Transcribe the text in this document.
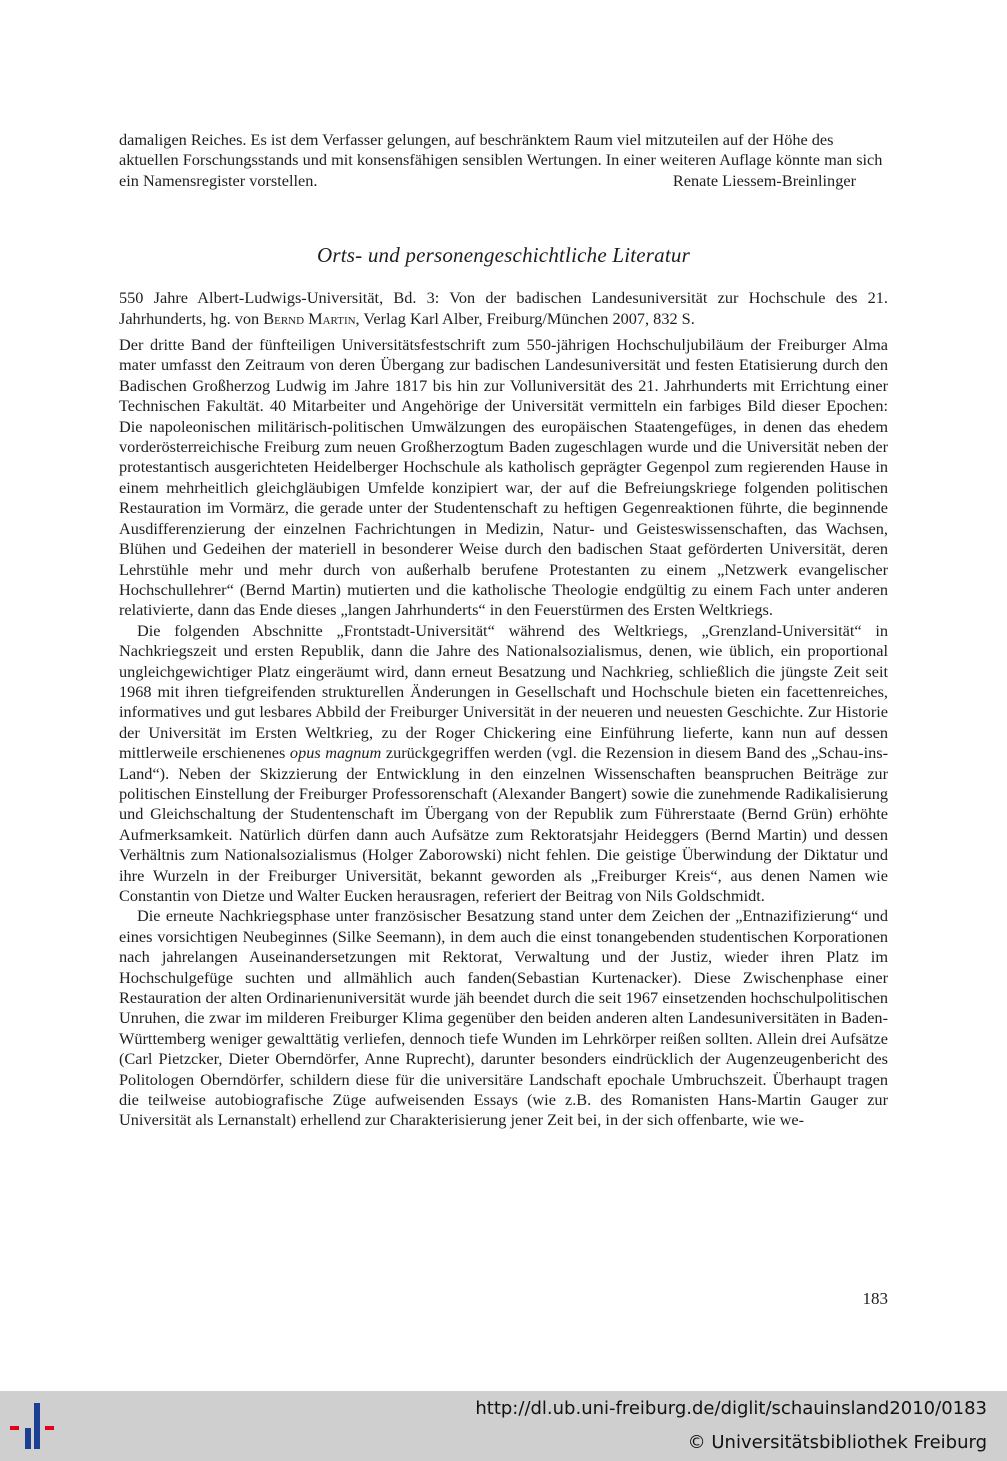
damaligen Reiches. Es ist dem Verfasser gelungen, auf beschränktem Raum viel mitzuteilen auf der Höhe des aktuellen Forschungsstands und mit konsensfähigen sensiblen Wertungen. In einer weiteren Auflage könnte man sich ein Namensregister vorstellen.	Renate Liessem-Breinlinger

Orts- und personengeschichtliche Literatur

550 Jahre Albert-Ludwigs-Universität, Bd. 3: Von der badischen Landesuniversität zur Hochschule des 21. Jahrhunderts, hg. von Bernd Martin, Verlag Karl Alber, Freiburg/München 2007, 832 S.

Der dritte Band der fünfteiligen Universitätsfestschrift zum 550-jährigen Hochschuljubiläum der Freiburger Alma mater umfasst den Zeitraum von deren Übergang zur badischen Landesuniversität und festen Etatisierung durch den Badischen Großherzog Ludwig im Jahre 1817 bis hin zur Volluniversität des 21. Jahrhunderts mit Errichtung einer Technischen Fakultät. 40 Mitarbeiter und Angehörige der Universität vermitteln ein farbiges Bild dieser Epochen: Die napoleonischen militärisch-politischen Umwälzungen des europäischen Staatengefüges, in denen das ehedem vorderösterreichische Freiburg zum neuen Großherzogtum Baden zugeschlagen wurde und die Universität neben der protestantisch ausgerichteten Heidelberger Hochschule als katholisch geprägter Gegenpol zum regierenden Hause in einem mehrheitlich gleichgläubigen Umfelde konzipiert war, der auf die Befreiungskriege folgenden politischen Restauration im Vormärz, die gerade unter der Studentenschaft zu heftigen Gegenreaktionen führte, die beginnende Ausdifferenzierung der einzelnen Fachrichtungen in Medizin, Natur- und Geisteswissenschaften, das Wachsen, Blühen und Gedeihen der materiell in besonderer Weise durch den badischen Staat geförderten Universität, deren Lehrstühle mehr und mehr durch von außerhalb berufene Protestanten zu einem „Netzwerk evangelischer Hochschullehrer“ (Bernd Martin) mutierten und die katholische Theologie endgültig zu einem Fach unter anderen relativierte, dann das Ende dieses „langen Jahrhunderts“ in den Feuerstürmen des Ersten Weltkriegs.

Die folgenden Abschnitte „Frontstadt-Universität“ während des Weltkriegs, „Grenzland-Universität“ in Nachkriegszeit und ersten Republik, dann die Jahre des Nationalsozialismus, denen, wie üblich, ein proportional ungleichgewichtiger Platz eingeräumt wird, dann erneut Besatzung und Nachkrieg, schließlich die jüngste Zeit seit 1968 mit ihren tiefgreifenden strukturellen Änderungen in Gesellschaft und Hochschule bieten ein facettenreiches, informatives und gut lesbares Abbild der Freiburger Universität in der neueren und neuesten Geschichte. Zur Historie der Universität im Ersten Weltkrieg, zu der Roger Chickering eine Einführung lieferte, kann nun auf dessen mittlerweile erschienenes opus magnum zurückgegriffen werden (vgl. die Rezension in diesem Band des „Schau-ins-Land“). Neben der Skizzierung der Entwicklung in den einzelnen Wissenschaften beanspruchen Beiträge zur politischen Einstellung der Freiburger Professorenschaft (Alexander Bangert) sowie die zunehmende Radikalisierung und Gleichschaltung der Studentenschaft im Übergang von der Republik zum Führerstaate (Bernd Grün) erhöhte Aufmerksamkeit. Natürlich dürfen dann auch Aufsätze zum Rektoratsjahr Heideggers (Bernd Martin) und dessen Verhältnis zum Nationalsozialismus (Holger Zaborowski) nicht fehlen. Die geistige Überwindung der Diktatur und ihre Wurzeln in der Freiburger Universität, bekannt geworden als „Freiburger Kreis“, aus denen Namen wie Constantin von Dietze und Walter Eucken herausragen, referiert der Beitrag von Nils Goldschmidt.

Die erneute Nachkriegsphase unter französischer Besatzung stand unter dem Zeichen der „Entnazifizierung“ und eines vorsichtigen Neubeginnes (Silke Seemann), in dem auch die einst tonangebenden studentischen Korporationen nach jahrelangen Auseinandersetzungen mit Rektorat, Verwaltung und der Justiz, wieder ihren Platz im Hochschulgefüge suchten und allmählich auch fanden(Sebastian Kurtenacker). Diese Zwischenphase einer Restauration der alten Ordinarienuniversität wurde jäh beendet durch die seit 1967 einsetzenden hochschulpolitischen Unruhen, die zwar im milderen Freiburger Klima gegenüber den beiden anderen alten Landesuniversitäten in Baden-Württemberg weniger gewalttätig verliefen, dennoch tiefe Wunden im Lehrkörper reißen sollten. Allein drei Aufsätze (Carl Pietzcker, Dieter Oberndörfer, Anne Ruprecht), darunter besonders eindrücklich der Augenzeugenbericht des Politologen Oberndörfer, schildern diese für die universitäre Landschaft epochale Umbruchszeit. Überhaupt tragen die teilweise autobiografische Züge aufweisenden Essays (wie z.B. des Romanisten Hans-Martin Gauger zur Universität als Lernanstalt) erhellend zur Charakterisierung jener Zeit bei, in der sich offenbarte, wie we-

183
http://dl.ub.uni-freiburg.de/diglit/schauinsland2010/0183
© Universitätsbibliothek Freiburg
